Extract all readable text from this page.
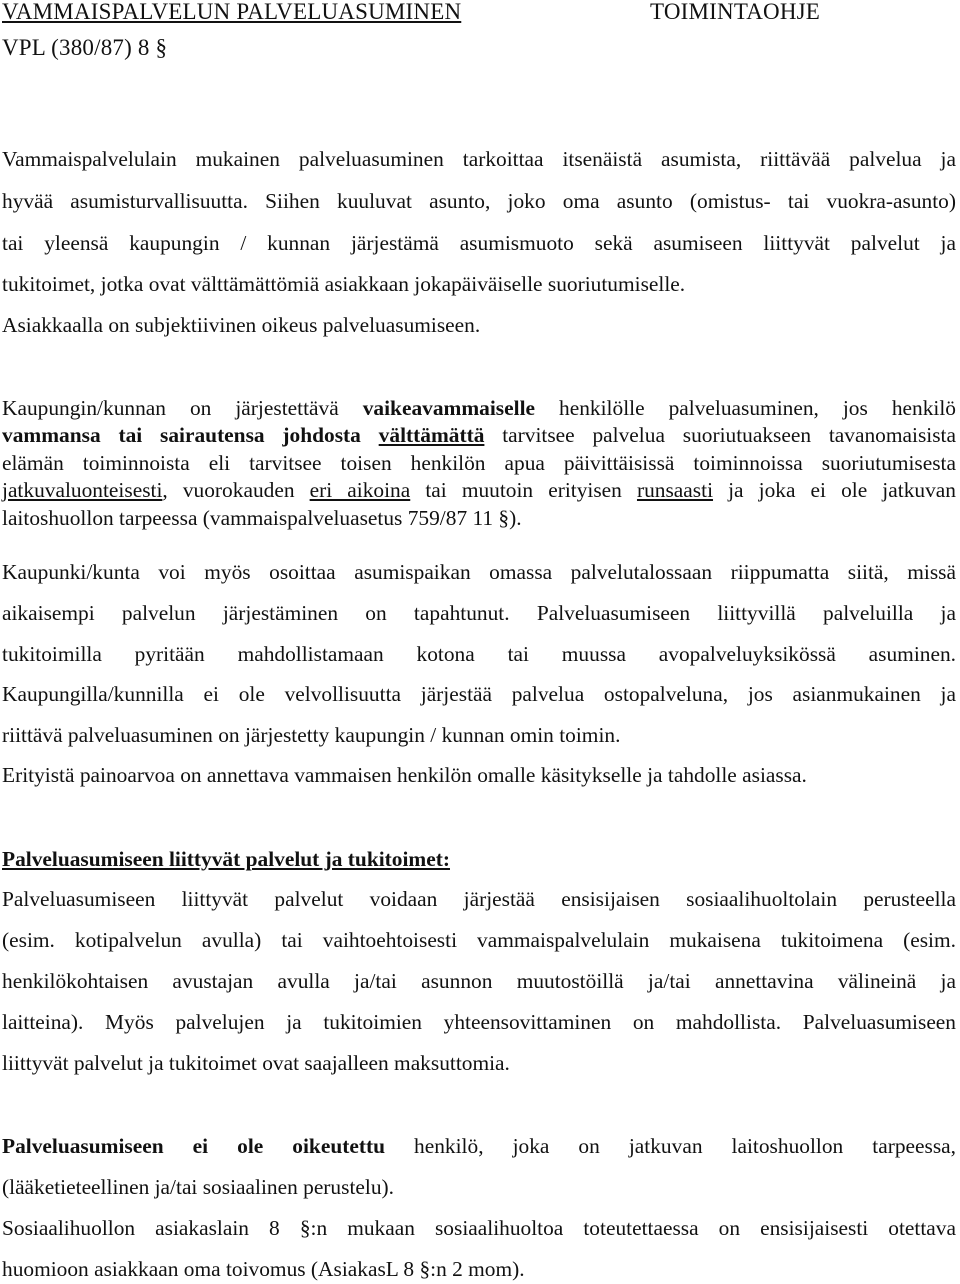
VAMMAISPALVELUN PALVELUASUMINEN	TOIMINTAOHJE
VPL (380/87) 8 §
Vammaispalvelulain mukainen palveluasuminen tarkoittaa itsenäistä asumista, riittävää palvelua ja
hyvää asumisturvallisuutta. Siihen kuuluvat asunto, joko oma asunto (omistus- tai vuokra-asunto)
tai yleensä kaupungin / kunnan järjestämä asumismuoto sekä asumiseen liittyvät palvelut ja
tukitoimet, jotka ovat välttämättömiä asiakkaan jokapäiväiselle suoriutumiselle.
Asiakkaalla on subjektiivinen oikeus palveluasumiseen.
Kaupungin/kunnan on järjestettävä vaikeavammaiselle henkilölle palveluasuminen, jos henkilö
vammansa tai sairautensa johdosta välttämättä tarvitsee palvelua suoriutuakseen tavanomaisista
elämän toiminnoista eli tarvitsee toisen henkilön apua päivittäisissä toiminnoissa suoriutumisesta
jatkuvaluonteisesti, vuorokauden eri aikoina tai muutoin erityisen runsaasti ja joka ei ole jatkuvan
laitoshuollon tarpeessa (vammaispalveluasetus 759/87 11 §).
Kaupunki/kunta voi myös osoittaa asumispaikan omassa palvelutalossaan riippumatta siitä, missä
aikaisempi palvelun järjestäminen on tapahtunut. Palveluasumiseen liittyvillä palveluilla ja
tukitoimilla pyritään mahdollistamaan kotona tai muussa avopalveluyksikössä asuminen.
Kaupungilla/kunnilla ei ole velvollisuutta järjestää palvelua ostopalveluna, jos asianmukainen ja
riittävä palveluasuminen on järjestetty kaupungin / kunnan omin toimin.
Erityistä painoarvoa on annettava vammaisen henkilön omalle käsitykselle ja tahdolle asiassa.
Palveluasumiseen liittyvät palvelut ja tukitoimet:
Palveluasumiseen liittyvät palvelut voidaan järjestää ensisijaisen sosiaalihuoltolain perusteella
(esim. kotipalvelun avulla) tai vaihtoehtoisesti vammaispalvelulain mukaisena tukitoimena (esim.
henkilökohtaisen avustajan avulla ja/tai asunnon muutostöillä ja/tai annettavina välineinä ja
laitteina). Myös palvelujen ja tukitoimien yhteensovittaminen on mahdollista. Palveluasumiseen
liittyvät palvelut ja tukitoimet ovat saajalleen maksuttomia.
Palveluasumiseen ei ole oikeutettu henkilö, joka on jatkuvan laitoshuollon tarpeessa,
(lääketieteellinen ja/tai sosiaalinen perustelu).
Sosiaalihuollon asiakaslain 8 §:n mukaan sosiaalihuoltoa toteutettaessa on ensisijaisesti otettava
huomioon asiakkaan oma toivomus (AsiakasL 8 §:n 2 mom).
